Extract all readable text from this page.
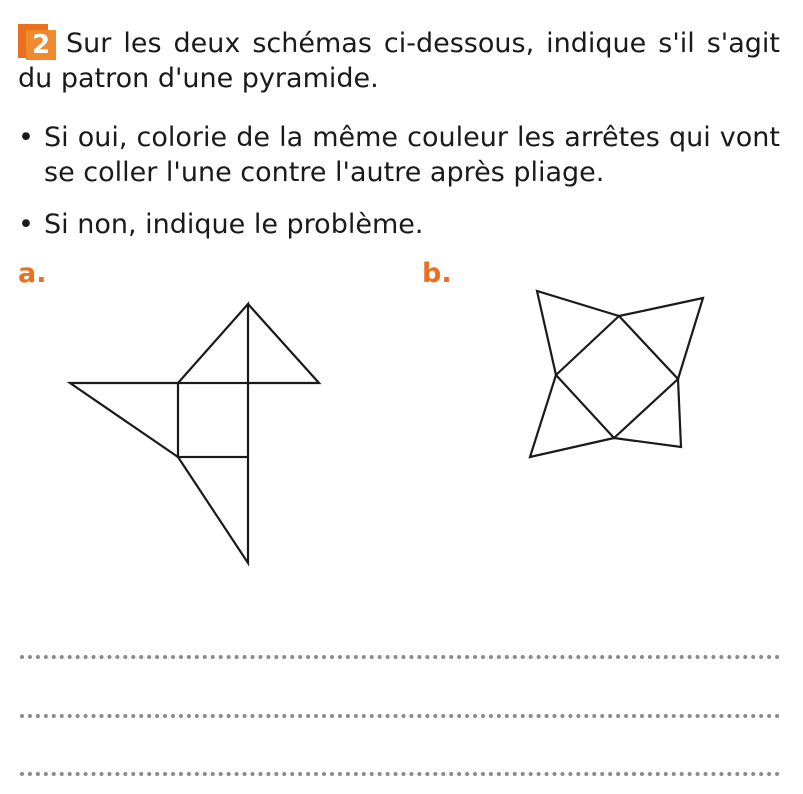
2 Sur les deux schémas ci-dessous, indique s'il s'agit du patron d'une pyramide.
• Si oui, colorie de la même couleur les arrêtes qui vont se coller l'une contre l'autre après pliage.
• Si non, indique le problème.
a.	b.
